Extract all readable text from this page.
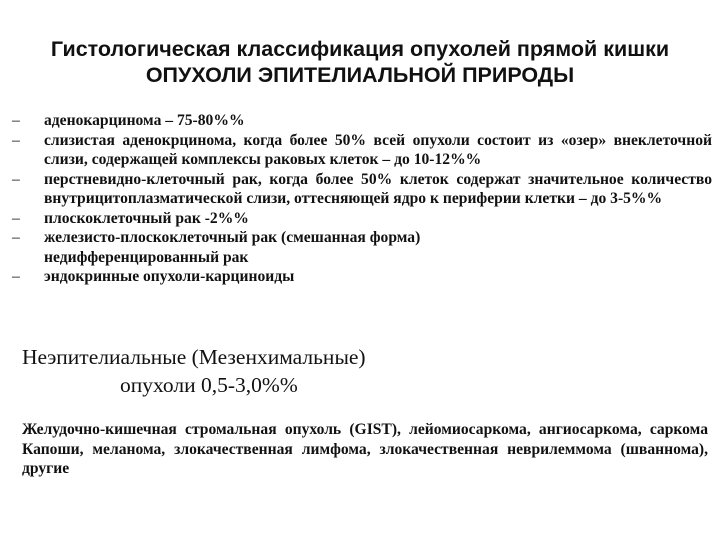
Гистологическая классификация опухолей прямой кишки
ОПУХОЛИ ЭПИТЕЛИАЛЬНОЙ ПРИРОДЫ
– аденокарцинома – 75-80%%
– слизистая аденокрцинома, когда более 50% всей опухоли состоит из «озер» внеклеточной слизи, содержащей комплексы раковых клеток – до 10-12%%
– перстневидно-клеточный рак, когда более 50% клеток содержат значительное количество внутрицитоплазматической слизи, оттесняющей ядро к периферии клетки – до 3-5%%
– плоскоклеточный рак -2%%
– железисто-плоскоклеточный рак (смешанная форма)
недифференцированный рак
– эндокринные опухоли-карциноиды
Неэпителиальные (Мезенхимальные)
опухоли 0,5-3,0%%

Желудочно-кишечная стромальная опухоль (GIST), лейомиосаркома, ангиосаркома, саркома Капоши, меланома, злокачественная лимфома, злокачественная неврилеммома (шваннома), другие
